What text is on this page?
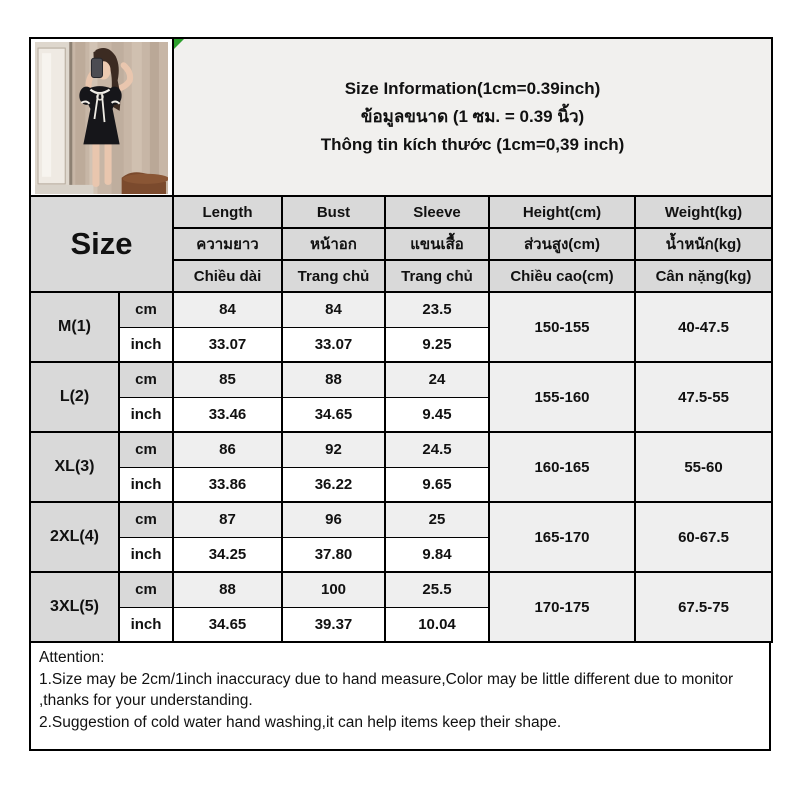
Size Information(1cm=0.39inch)
ข้อมูลขนาด (1 ซม. = 0.39 นิ้ว)
Thông tin kích thước (1cm=0,39 inch)				

Size		Length	Bust	Sleeve	Height(cm)	Weight(kg)
		ความยาว	หน้าอก	แขนเสื้อ	ส่วนสูง(cm)	น้ำหนัก(kg)
		Chiều dài	Trang chủ	Trang chủ	Chiều cao(cm)	Cân nặng(kg)
M(1)	cm	84	84	23.5	150-155	40-47.5
	inch	33.07	33.07	9.25		
L(2)	cm	85	88	24	155-160	47.5-55
	inch	33.46	34.65	9.45		
XL(3)	cm	86	92	24.5	160-165	55-60
	inch	33.86	36.22	9.65		
2XL(4)	cm	87	96	25	165-170	60-67.5
	inch	34.25	37.80	9.84		
3XL(5)	cm	88	100	25.5	170-175	67.5-75
	inch	34.65	39.37	10.04		
Attention:
1.Size may be 2cm/1inch inaccuracy due to hand measure,Color may be little different due to monitor ,thanks for your understanding.
2.Suggestion of cold water hand washing,it can help items keep their shape.
